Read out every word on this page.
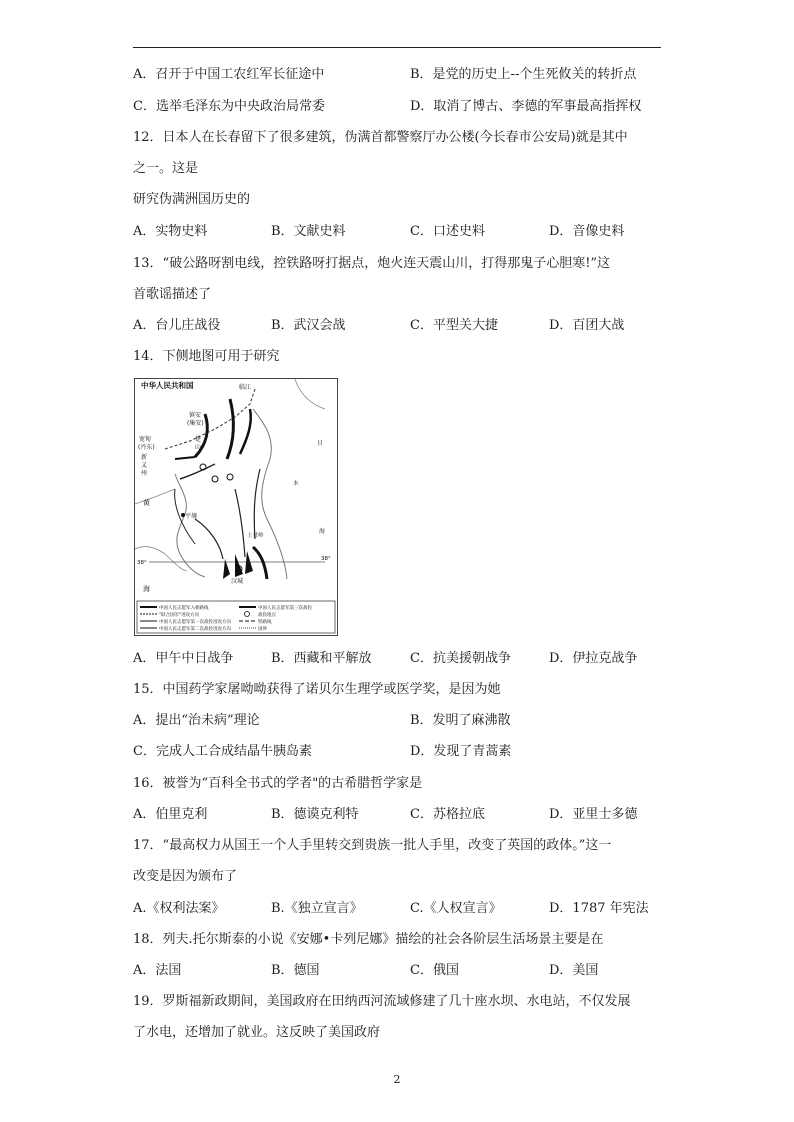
A．召开于中国工农红军长征途中	B．是党的历史上-‐个生死攸关的转折点
C．选举毛泽东为中央政治局常委	D．取消了博古、李德的军事最高指挥权
12．日本人在长春留下了很多建筑，伪满首都警察厅办公楼(今长春市公安局)就是其中
之一。这是
研究伪满洲国历史的
A．实物史料	B．文献史料	C．口述史料	D．音像史料
13．“破公路呀割电线，控铁路呀打据点，炮火连天震山川，打得那鬼子心胆寒!”这
首歌谣描述了
A．台儿庄战役	B．武汉会战	C．平型关大捷	D．百团大战
14．下侧地图可用于研究
中华人民共和国	临江
镇安
(集安)
楚
山
宽甸
(丹东)
新
义
州
平壤
上甘岭
汉城
日
本
海
黄
海
38°
38°
中国人民志愿军入朝路线
"联合国军"进攻方向
中国人民志愿军第一次战役进攻方向
中国人民志愿军第二次战役进攻方向
中国人民志愿军第三次战役
战役地点
铁路线
国界
A．甲午中日战争	B．西藏和平解放	C．抗美援朝战争	D．伊拉克战争
15．中国药学家屠呦呦获得了诺贝尔生理学或医学奖，是因为她
A．提出“治未病”理论	B．发明了麻沸散
C．完成人工合成结晶牛胰岛素	D．发现了青蒿素
16．被誉为“百科全书式的学者"的古希腊哲学家是
A．伯里克利	B．德谟克利特	C．苏格拉底	D．亚里士多德
17．“最高权力从国王一个人手里转交到贵族一批人手里，改变了英国的政体。”这一
改变是因为颁布了
A.《权利法案》	B.《独立宣言》	C.《人权宣言》	D．1787 年宪法
18．列夫.托尔斯泰的小说《安娜•卡列尼娜》描绘的社会各阶层生活场景主要是在
A．法国	B．德国	C．俄国	D．美国
19．罗斯福新政期间，美国政府在田纳西河流域修建了几十座水坝、水电站，不仅发展
了水电，还增加了就业。这反映了美国政府
2
